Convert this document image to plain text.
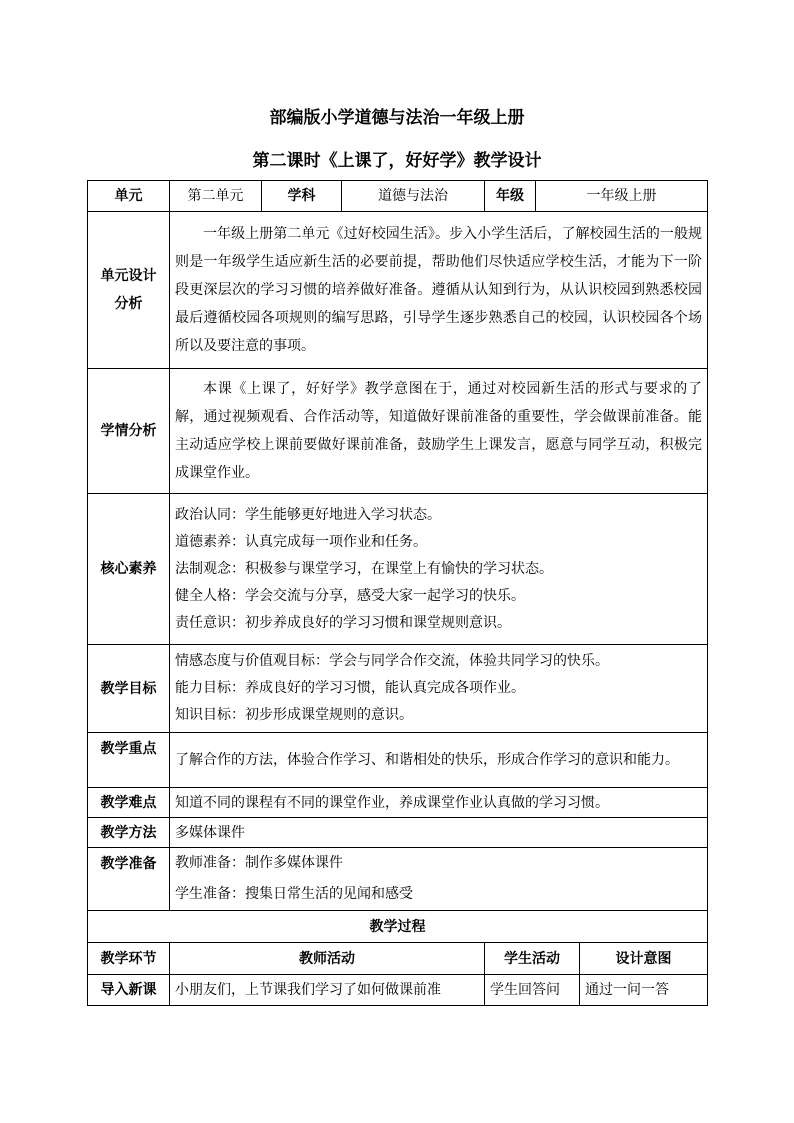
部编版小学道德与法治一年级上册
第二课时《上课了，好好学》教学设计
单元	第二单元	学科	道德与法治	年级	一年级上册	

单元设计
分析	一年级上册第二单元《过好校园生活》。步入小学生活后，了解校园生活的一般规则是一年级学生适应新生活的必要前提，帮助他们尽快适应学校生活，才能为下一阶段更深层次的学习习惯的培养做好准备。遵循从认知到行为，从认识校园到熟悉校园最后遵循校园各项规则的编写思路，引导学生逐步熟悉自己的校园，认识校园各个场所以及要注意的事项。					
学情分析	本课《上课了，好好学》教学意图在于，通过对校园新生活的形式与要求的了解，通过视频观看、合作活动等，知道做好课前准备的重要性，学会做课前准备。能主动适应学校上课前要做好课前准备，鼓励学生上课发言，愿意与同学互动，积极完成课堂作业。					
核心素养	政治认同：学生能够更好地进入学习状态。
道德素养：认真完成每一项作业和任务。
法制观念：积极参与课堂学习，在课堂上有愉快的学习状态。
健全人格：学会交流与分享，感受大家一起学习的快乐。
责任意识：初步养成良好的学习习惯和课堂规则意识。					

教学目标	情感态度与价值观目标：学会与同学合作交流，体验共同学习的快乐。
能力目标：养成良好的学习习惯，能认真完成各项作业。
知识目标：初步形成课堂规则的意识。					

教学重点	了解合作的方法，体验合作学习、和谐相处的快乐，形成合作学习的意识和能力。					
教学难点	知道不同的课程有不同的课堂作业，养成课堂作业认真做的学习习惯。					
教学方法	多媒体课件					
教学准备	教师准备：制作多媒体课件
学生准备：搜集日常生活的见闻和感受					

教学过程						
教学环节	教师活动			学生活动		设计意图
导入新课	小朋友们，上节课我们学习了如何做课前准			学生回答问		通过一问一答
